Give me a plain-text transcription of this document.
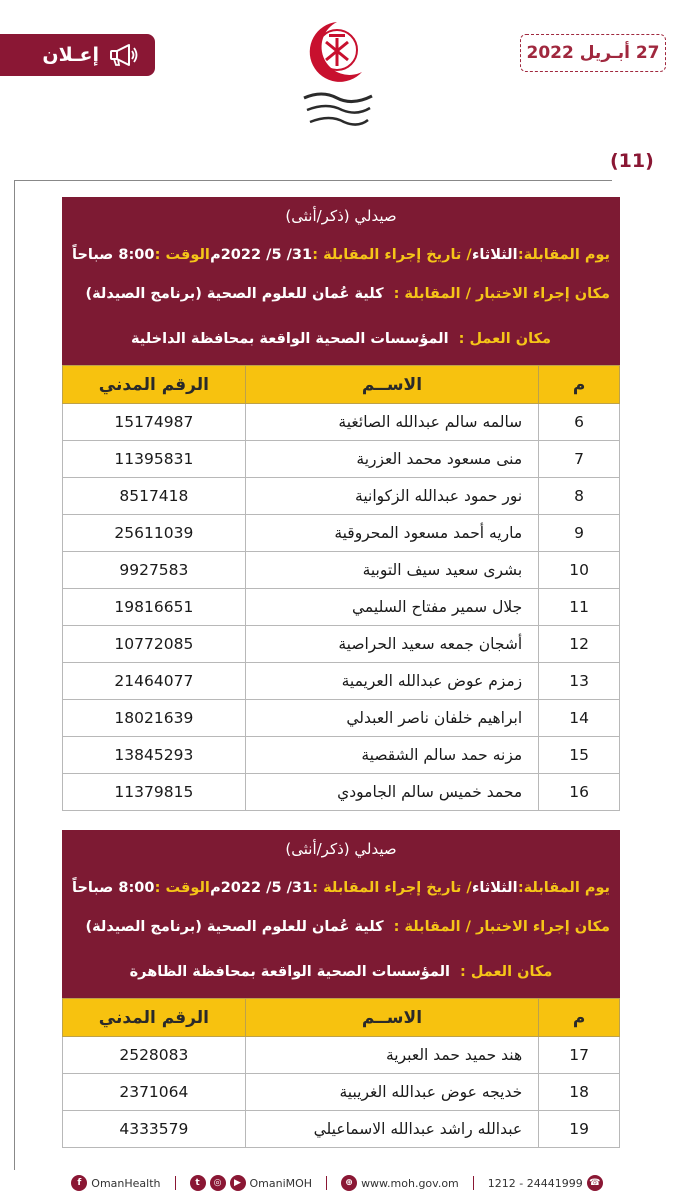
إعـلان	27 أبـريل 2022
(11)
صيدلي (ذكر/أنثى)
يوم المقابلة:
الثلاثاء
/ تاريخ إجراء المقابلة :
31/ 5/ 2022م
الوقت :
8:00 صباحاً
مكان إجراء الاختبار / المقابلة :
كلية عُمان للعلوم الصحية (برنامج الصيدلة)
مكان العمل :
المؤسسات الصحية الواقعة بمحافظة الداخلية
م	الاســم	الرقم المدني
6	سالمه سالم عبدالله الصائغية	15174987
7	منى مسعود محمد العزرية	11395831
8	نور حمود عبدالله الزكوانية	8517418
9	ماريه أحمد مسعود المحروقية	25611039
10	بشرى سعيد سيف التوبية	9927583
11	جلال سمير مفتاح السليمي	19816651
12	أشجان جمعه سعيد الحراصية	10772085
13	زمزم عوض عبدالله العريمية	21464077
14	ابراهيم خلفان ناصر العبدلي	18021639
15	مزنه حمد سالم الشقصية	13845293
16	محمد خميس سالم الجامودي	11379815
صيدلي (ذكر/أنثى)
يوم المقابلة:
الثلاثاء
/ تاريخ إجراء المقابلة :
31/ 5/ 2022م
الوقت :
8:00 صباحاً
مكان إجراء الاختبار / المقابلة :
كلية عُمان للعلوم الصحية (برنامج الصيدلة)
مكان العمل :
المؤسسات الصحية الواقعة بمحافظة الظاهرة
م	الاســم	الرقم المدني
17	هند حميد حمد العبرية	2528083
18	خديجه عوض عبدالله الغريبية	2371064
19	عبدالله راشد عبدالله الاسماعيلي	4333579
f OmanHealth	t	◎	▶ OmaniMOH	⊕ www.moh.gov.om	1212 - 24441999 ☎
